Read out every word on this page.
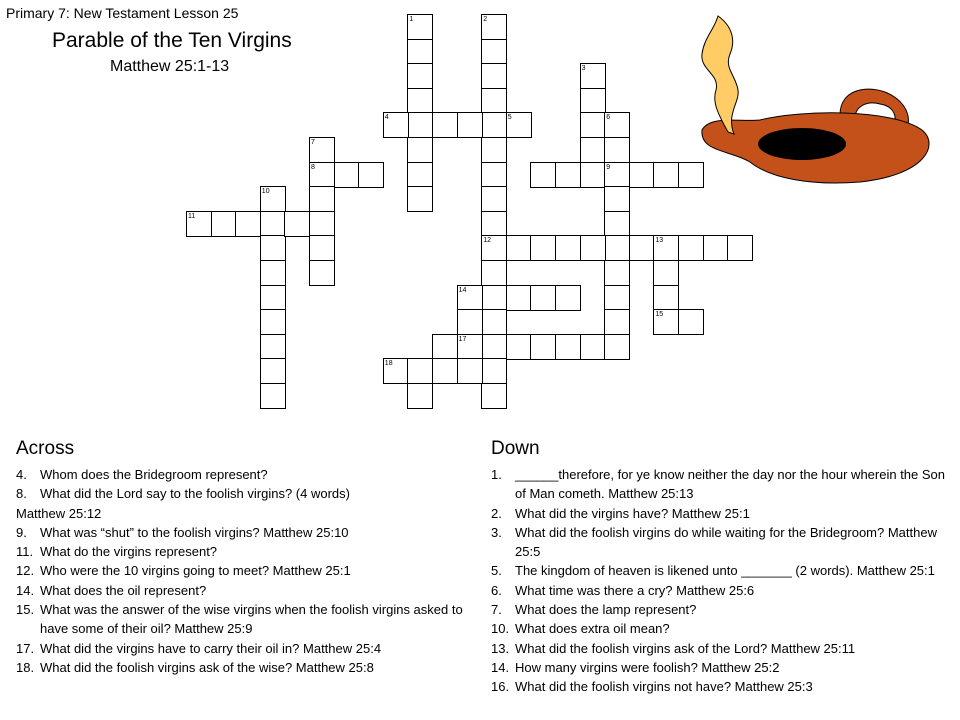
Primary 7: New Testament Lesson 25
Parable of the Ten Virgins
Matthew 25:1-13
1	2
12
3
4	5	6
9
7
8
10
11
13
15
14
17
18
Across
4. Whom does the Bridegroom represent?
8. What did the Lord say to the foolish virgins? (4 words)
Matthew 25:12
9. What was “shut” to the foolish virgins? Matthew 25:10
11. What do the virgins represent?
12. Who were the 10 virgins going to meet? Matthew 25:1
14. What does the oil represent?
15. What was the answer of the wise virgins when the foolish virgins asked to have some of their oil? Matthew 25:9
17. What did the virgins have to carry their oil in? Matthew 25:4
18. What did the foolish virgins ask of the wise? Matthew 25:8
Down
1. ______therefore, for ye know neither the day nor the hour wherein the Son of Man cometh. Matthew 25:13
2. What did the virgins have? Matthew 25:1
3. What did the foolish virgins do while waiting for the Bridegroom? Matthew 25:5
5. The kingdom of heaven is likened unto _______ (2 words). Matthew 25:1
6. What time was there a cry? Matthew 25:6
7. What does the lamp represent?
10. What does extra oil mean?
13. What did the foolish virgins ask of the Lord? Matthew 25:11
14. How many virgins were foolish? Matthew 25:2
16. What did the foolish virgins not have? Matthew 25:3
